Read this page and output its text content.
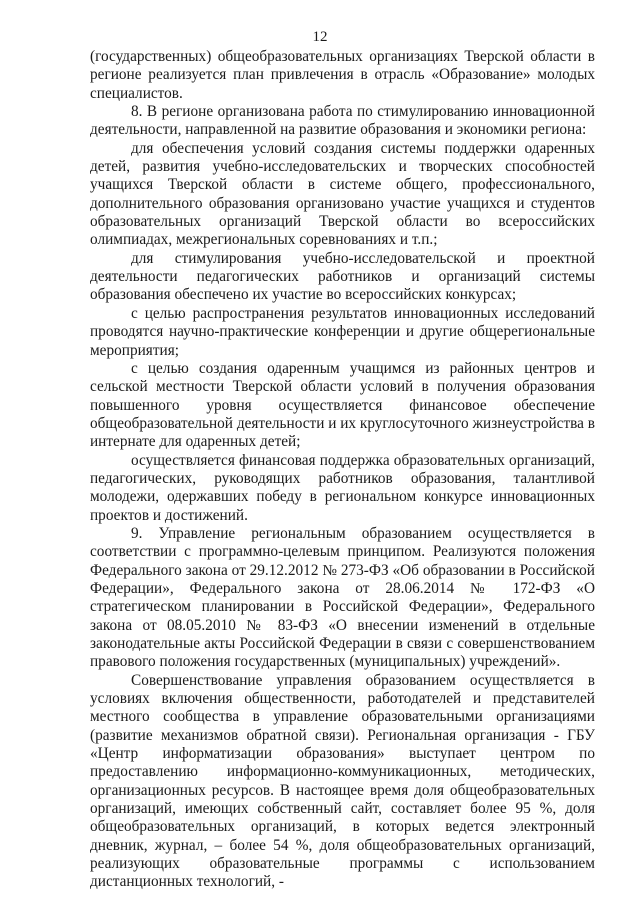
12

(государственных) общеобразовательных организациях Тверской области в регионе реализуется план привлечения в отрасль «Образование» молодых специалистов.

8. В регионе организована работа по стимулированию инновационной деятельности, направленной на развитие образования и экономики региона:

для обеспечения условий создания системы поддержки одаренных детей, развития учебно-исследовательских и творческих способностей учащихся Тверской области в системе общего, профессионального, дополнительного образования организовано участие учащихся и студентов образовательных организаций Тверской области во всероссийских олимпиадах, межрегиональных соревнованиях и т.п.;

для стимулирования учебно-исследовательской и проектной деятельности педагогических работников и организаций системы образования обеспечено их участие во всероссийских конкурсах;

с целью распространения результатов инновационных исследований проводятся научно-практические конференции и другие общерегиональные мероприятия;

с целью создания одаренным учащимся из районных центров и сельской местности Тверской области условий в получения образования повышенного уровня осуществляется финансовое обеспечение общеобразовательной деятельности и их круглосуточного жизнеустройства в интернате для одаренных детей;

осуществляется финансовая поддержка образовательных организаций, педагогических, руководящих работников образования, талантливой молодежи, одержавших победу в региональном конкурсе инновационных проектов и достижений.

9. Управление региональным образованием осуществляется в соответствии с программно-целевым принципом. Реализуются положения Федерального закона от 29.12.2012 № 273-ФЗ «Об образовании в Российской Федерации», Федерального закона от 28.06.2014 № 172-ФЗ «О стратегическом планировании в Российской Федерации», Федерального закона от 08.05.2010 № 83-ФЗ «О внесении изменений в отдельные законодательные акты Российской Федерации в связи с совершенствованием правового положения государственных (муниципальных) учреждений».

Совершенствование управления образованием осуществляется в условиях включения общественности, работодателей и представителей местного сообщества в управление образовательными организациями (развитие механизмов обратной связи). Региональная организация - ГБУ «Центр информатизации образования» выступает центром по предоставлению информационно-коммуникационных, методических, организационных ресурсов. В настоящее время доля общеобразовательных организаций, имеющих собственный сайт, составляет более 95 %, доля общеобразовательных организаций, в которых ведется электронный дневник, журнал, – более 54 %, доля общеобразовательных организаций, реализующих образовательные программы с использованием дистанционных технологий, -
